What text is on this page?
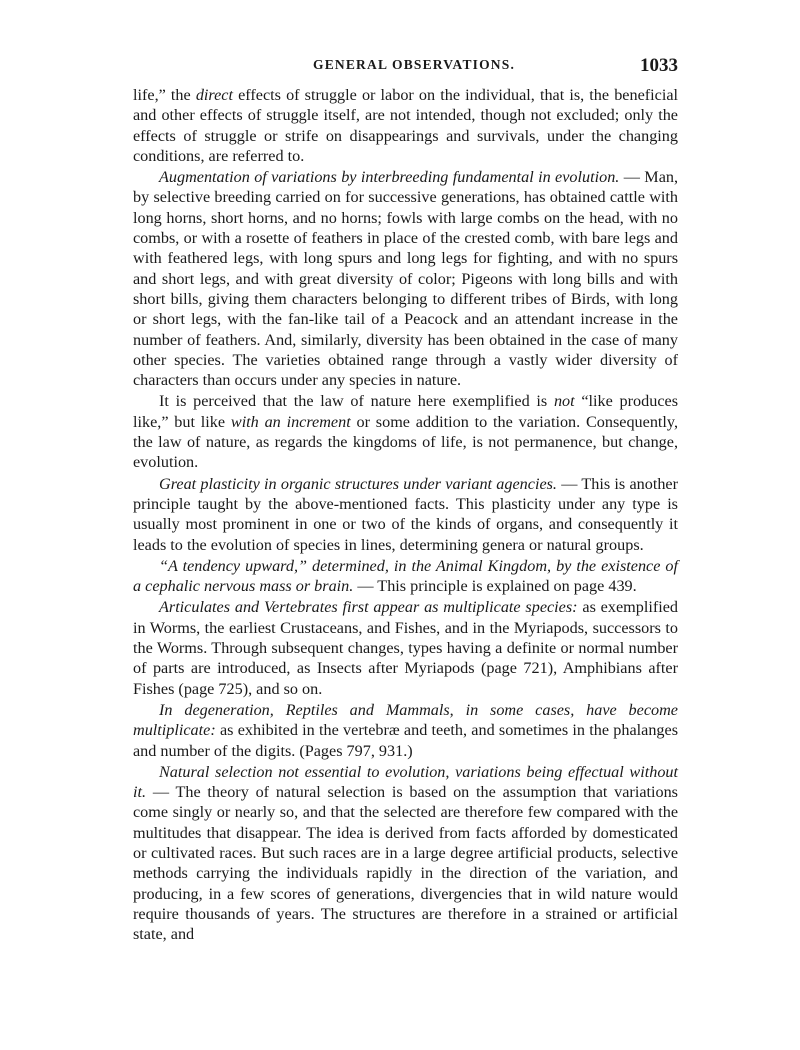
GENERAL OBSERVATIONS.	1033

life,” the direct effects of struggle or labor on the individual, that is, the beneficial and other effects of struggle itself, are not intended, though not excluded; only the effects of struggle or strife on disappearings and survivals, under the changing conditions, are referred to.

Augmentation of variations by interbreeding fundamental in evolution. — Man, by selective breeding carried on for successive generations, has obtained cattle with long horns, short horns, and no horns; fowls with large combs on the head, with no combs, or with a rosette of feathers in place of the crested comb, with bare legs and with feathered legs, with long spurs and long legs for fighting, and with no spurs and short legs, and with great diversity of color; Pigeons with long bills and with short bills, giving them characters belonging to different tribes of Birds, with long or short legs, with the fan-like tail of a Peacock and an attendant increase in the number of feathers. And, similarly, diversity has been obtained in the case of many other species. The varieties obtained range through a vastly wider diversity of characters than occurs under any species in nature.

It is perceived that the law of nature here exemplified is not “like produces like,” but like with an increment or some addition to the variation. Consequently, the law of nature, as regards the kingdoms of life, is not permanence, but change, evolution.

Great plasticity in organic structures under variant agencies. — This is another principle taught by the above-mentioned facts. This plasticity under any type is usually most prominent in one or two of the kinds of organs, and consequently it leads to the evolution of species in lines, determining genera or natural groups.

“A tendency upward,” determined, in the Animal Kingdom, by the existence of a cephalic nervous mass or brain. — This principle is explained on page 439.

Articulates and Vertebrates first appear as multiplicate species: as exemplified in Worms, the earliest Crustaceans, and Fishes, and in the Myriapods, successors to the Worms. Through subsequent changes, types having a definite or normal number of parts are introduced, as Insects after Myriapods (page 721), Amphibians after Fishes (page 725), and so on.

In degeneration, Reptiles and Mammals, in some cases, have become multiplicate: as exhibited in the vertebræ and teeth, and sometimes in the phalanges and number of the digits. (Pages 797, 931.)

Natural selection not essential to evolution, variations being effectual without it. — The theory of natural selection is based on the assumption that variations come singly or nearly so, and that the selected are therefore few compared with the multitudes that disappear. The idea is derived from facts afforded by domesticated or cultivated races. But such races are in a large degree artificial products, selective methods carrying the individuals rapidly in the direction of the variation, and producing, in a few scores of generations, divergencies that in wild nature would require thousands of years. The structures are therefore in a strained or artificial state, and
